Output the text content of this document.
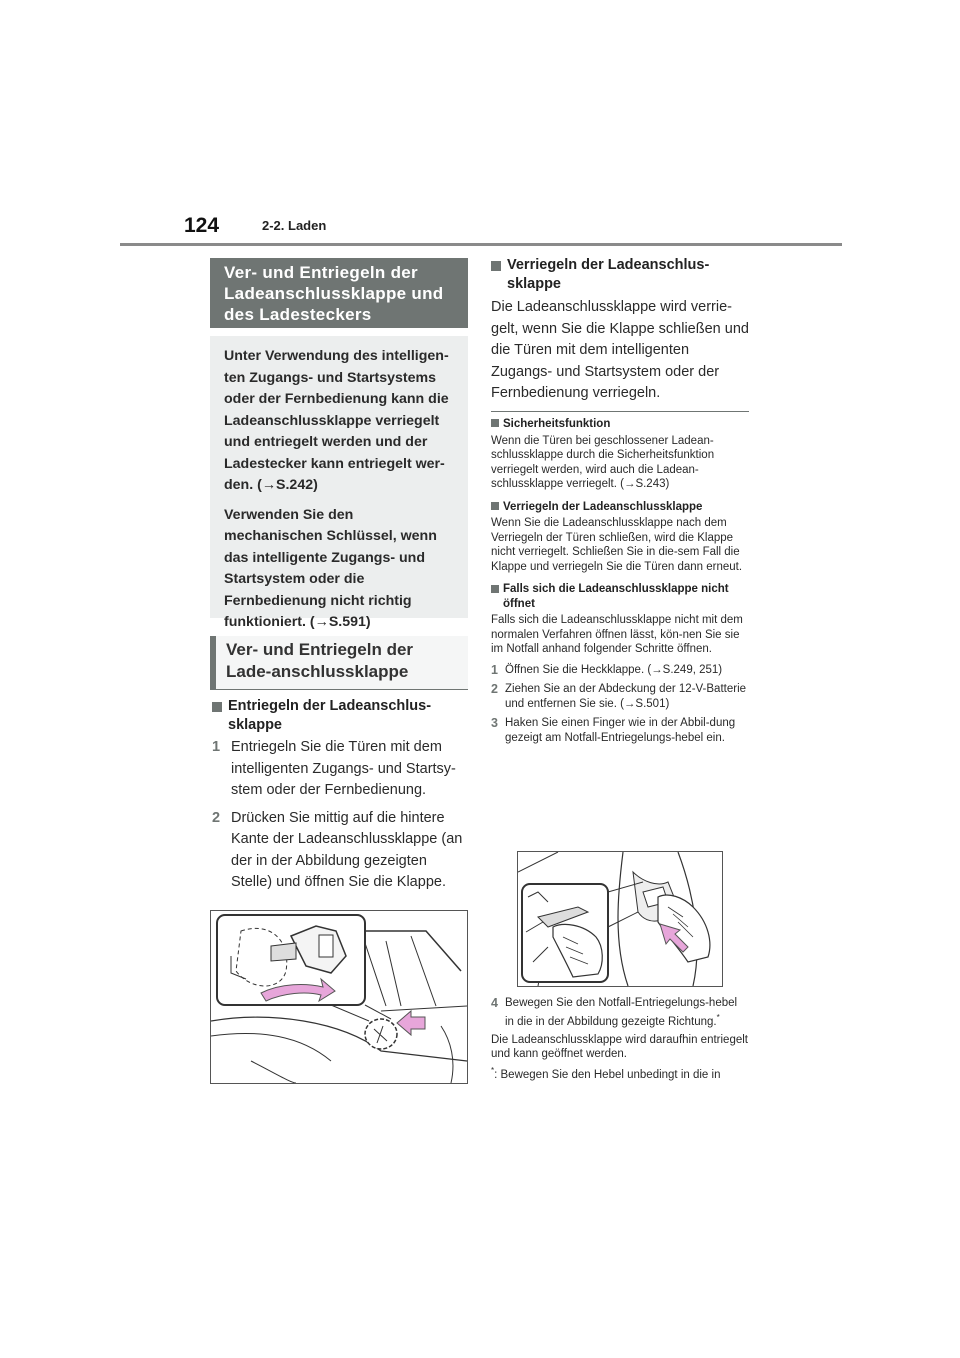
124	2-2. Laden
Ver- und Entriegeln der Ladeanschlussklappe und des Ladesteckers

Unter Verwendung des intelligen-ten Zugangs- und Startsystems oder der Fernbedienung kann die Ladeanschlussklappe verriegelt und entriegelt werden und der Ladestecker kann entriegelt wer-den. (→S.242)

Verwenden Sie den mechanischen Schlüssel, wenn das intelligente Zugangs- und Startsystem oder die Fernbedienung nicht richtig funktioniert. (→S.591)

Ver- und Entriegeln der Lade-anschlussklappe
Entriegeln der Ladeanschlus-sklappe
1 Entriegeln Sie die Türen mit dem intelligenten Zugangs- und Startsy-stem oder der Fernbedienung.
2 Drücken Sie mittig auf die hintere Kante der Ladeanschlussklappe (an der in der Abbildung gezeigten Stelle) und öffnen Sie die Klappe.
Verriegeln der Ladeanschlus-sklappe
Die Ladeanschlussklappe wird verrie-gelt, wenn Sie die Klappe schließen und die Türen mit dem intelligenten Zugangs- und Startsystem oder der Fernbedienung verriegeln.
Sicherheitsfunktion
Wenn die Türen bei geschlossener Ladean-schlussklappe durch die Sicherheitsfunktion verriegelt werden, wird auch die Ladean-schlussklappe verriegelt. (→S.243)
Verriegeln der Ladeanschlussklappe
Wenn Sie die Ladeanschlussklappe nach dem Verriegeln der Türen schließen, wird die Klappe nicht verriegelt. Schließen Sie in die-sem Fall die Klappe und verriegeln Sie die Türen dann erneut.
Falls sich die Ladeanschlussklappe nicht öffnet
Falls sich die Ladeanschlussklappe nicht mit dem normalen Verfahren öffnen lässt, kön-nen Sie sie im Notfall anhand folgender Schritte öffnen.
1 Öffnen Sie die Heckklappe. (→S.249, 251)
2 Ziehen Sie an der Abdeckung der 12-V-Batterie und entfernen Sie sie. (→S.501)
3 Haken Sie einen Finger wie in der Abbil-dung gezeigt am Notfall-Entriegelungs-hebel ein.
4 Bewegen Sie den Notfall-Entriegelungs-hebel in die in der Abbildung gezeigte Richtung.*
Die Ladeanschlussklappe wird daraufhin entriegelt und kann geöffnet werden.
*: Bewegen Sie den Hebel unbedingt in die in
